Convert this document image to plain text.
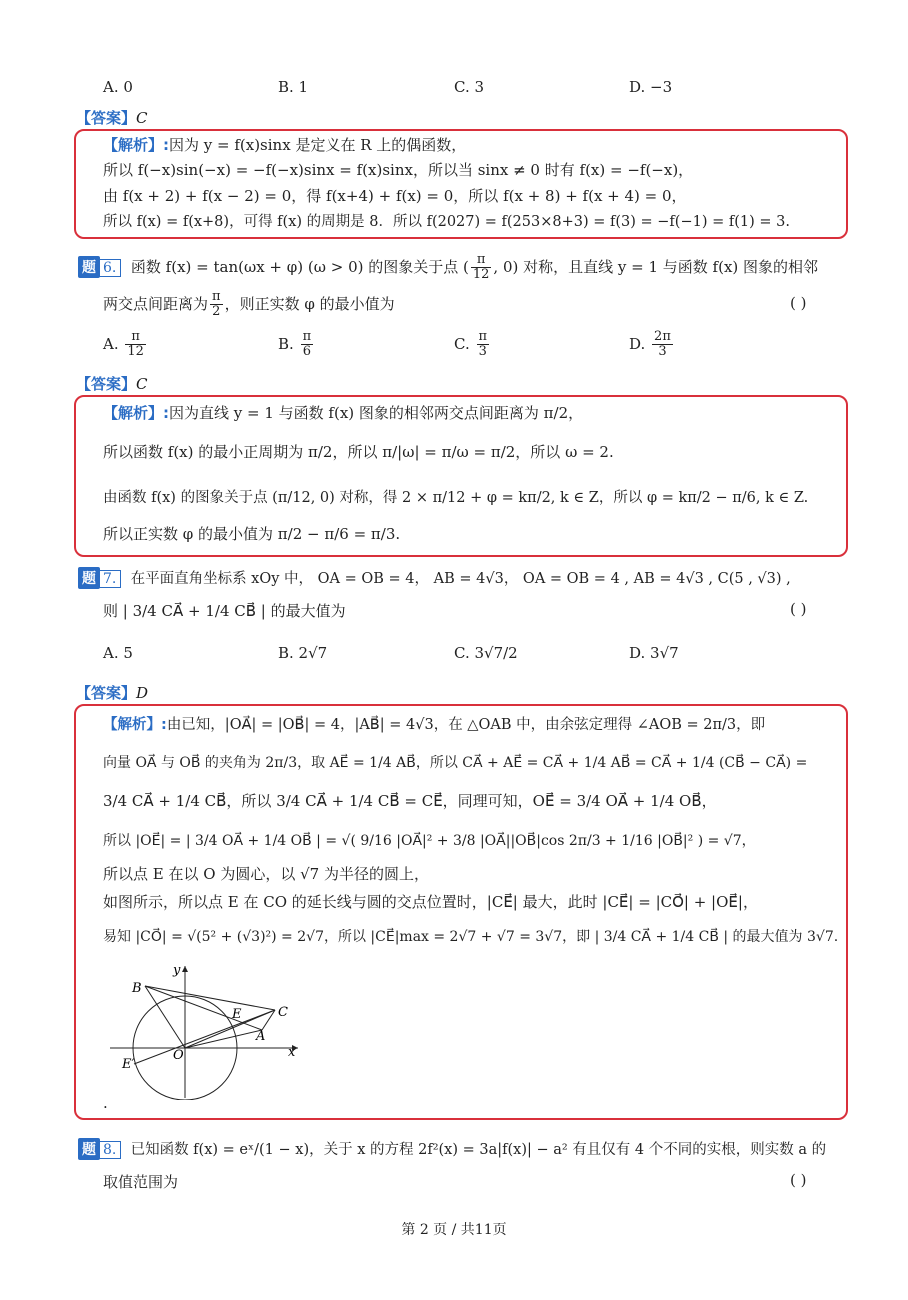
A. 0	B. 1	C. 3	D. −3
【答案】C
【解析】:因为 y = f(x)sinx 是定义在 R 上的偶函数，
所以 f(−x)sin(−x) = −f(−x)sinx = f(x)sinx，所以当 sinx ≠ 0 时有 f(x) = −f(−x)，
由 f(x + 2) + f(x − 2) = 0，得 f(x+4) + f(x) = 0，所以 f(x + 8) + f(x + 4) = 0，
所以 f(x) = f(x+8)，可得 f(x) 的周期是 8．所以 f(2027) = f(253×8+3) = f(3) = −f(−1) = f(1) = 3.
题 6. 函数 f(x) = tan(ωx + φ) (ω > 0) 的图象关于点 ( $\frac{\pi}{12}$ , 0) 对称，且直线 y = 1 与函数 f(x) 图象的相邻
两交点间距离为 $\frac{\pi}{2}$ ，则正实数 φ 的最小值为	( )
A. $\frac{\pi}{12}$	B. $\frac{\pi}{6}$	C. $\frac{\pi}{3}$	D. $\frac{2\pi}{3}$
【答案】C
【解析】:因为直线 y = 1 与函数 f(x) 图象的相邻两交点间距离为 π/2，
所以函数 f(x) 的最小正周期为 π/2，所以 π/|ω| = π/ω = π/2，所以 ω = 2.
由函数 f(x) 的图象关于点 (π/12, 0) 对称，得 2 × π/12 + φ = kπ/2, k ∈ Z，所以 φ = kπ/2 − π/6, k ∈ Z.
所以正实数 φ 的最小值为 π/2 − π/6 = π/3.
题 7. 在平面直角坐标系 xOy 中， OA = OB = 4， AB = 4√3， OA = OB = 4 , AB = 4√3 , C(5 , √3) ,
则 | 3/4 CA⃗ + 1/4 CB⃗ | 的最大值为	( )
A. 5	B. 2√7	C. 3√7/2	D. 3√7
【答案】D
【解析】:由已知，|OA⃗| = |OB⃗| = 4，|AB⃗| = 4√3，在 △OAB 中，由余弦定理得 ∠AOB = 2π/3，即
向量 OA⃗ 与 OB⃗ 的夹角为 2π/3，取 AE⃗ = 1/4 AB⃗，所以 CA⃗ + AE⃗ = CA⃗ + 1/4 AB⃗ = CA⃗ + 1/4 (CB⃗ − CA⃗) =
3/4 CA⃗ + 1/4 CB⃗，所以 3/4 CA⃗ + 1/4 CB⃗ = CE⃗，同理可知，OE⃗ = 3/4 OA⃗ + 1/4 OB⃗，
所以 |OE⃗| = | 3/4 OA⃗ + 1/4 OB⃗ | = √( 9/16 |OA⃗|² + 3/8 |OA⃗||OB⃗|cos 2π/3 + 1/16 |OB⃗|² ) = √7，
所以点 E 在以 O 为圆心，以 √7 为半径的圆上，
如图所示，所以点 E 在 CO 的延长线与圆的交点位置时，|CE⃗| 最大，此时 |CE⃗| = |CO⃗| + |OE⃗|，
易知 |CO⃗| = √(5² + (√3)²) = 2√7，所以 |CE⃗|max = 2√7 + √7 = 3√7，即 | 3/4 CA⃗ + 1/4 CB⃗ | 的最大值为 3√7.
y
x
O
B
C
E
A
E′
.
题 8. 已知函数 f(x) = eˣ/(1 − x)，关于 x 的方程 2f²(x) = 3a|f(x)| − a² 有且仅有 4 个不同的实根，则实数 a 的
取值范围为	( )
第 2 页 / 共11页
